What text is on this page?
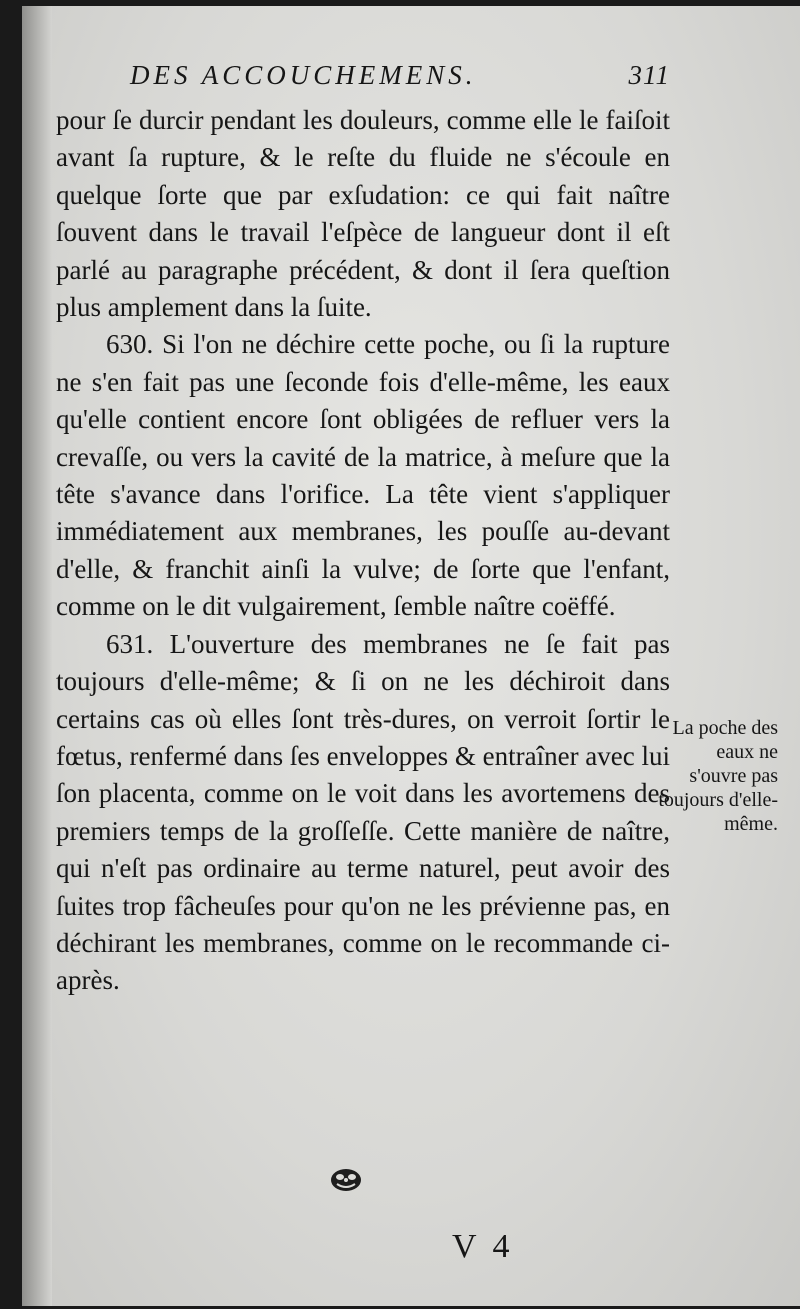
DES ACCOUCHEMENS.	311

pour ſe durcir pendant les douleurs, comme elle le faiſoit avant ſa rupture, & le reſte du fluide ne s'écoule en quelque ſorte que par exſudation: ce qui fait naître ſouvent dans le travail l'eſpèce de langueur dont il eſt parlé au paragraphe précédent, & dont il ſera queſtion plus amplement dans la ſuite.

630. Si l'on ne déchire cette poche, ou ſi la rupture ne s'en fait pas une ſeconde fois d'elle-même, les eaux qu'elle contient encore ſont obligées de refluer vers la crevaſſe, ou vers la cavité de la matrice, à meſure que la tête s'avance dans l'orifice. La tête vient s'appliquer immédiatement aux membranes, les pouſſe au-devant d'elle, & franchit ainſi la vulve; de ſorte que l'enfant, comme on le dit vulgairement, ſemble naître coëffé.

631. L'ouverture des membranes ne ſe fait pas toujours d'elle-même; & ſi on ne les déchiroit dans certains cas où elles ſont très-dures, on verroit ſortir le fœtus, renfermé dans ſes enveloppes & entraîner avec lui ſon placenta, comme on le voit dans les avortemens des premiers temps de la groſſeſſe. Cette manière de naître, qui n'eſt pas ordinaire au terme naturel, peut avoir des ſuites trop fâcheuſes pour qu'on ne les prévienne pas, en déchirant les membranes, comme on le recommande ci-après.

La poche des eaux ne s'ouvre pas toujours d'elle-même.
V 4
